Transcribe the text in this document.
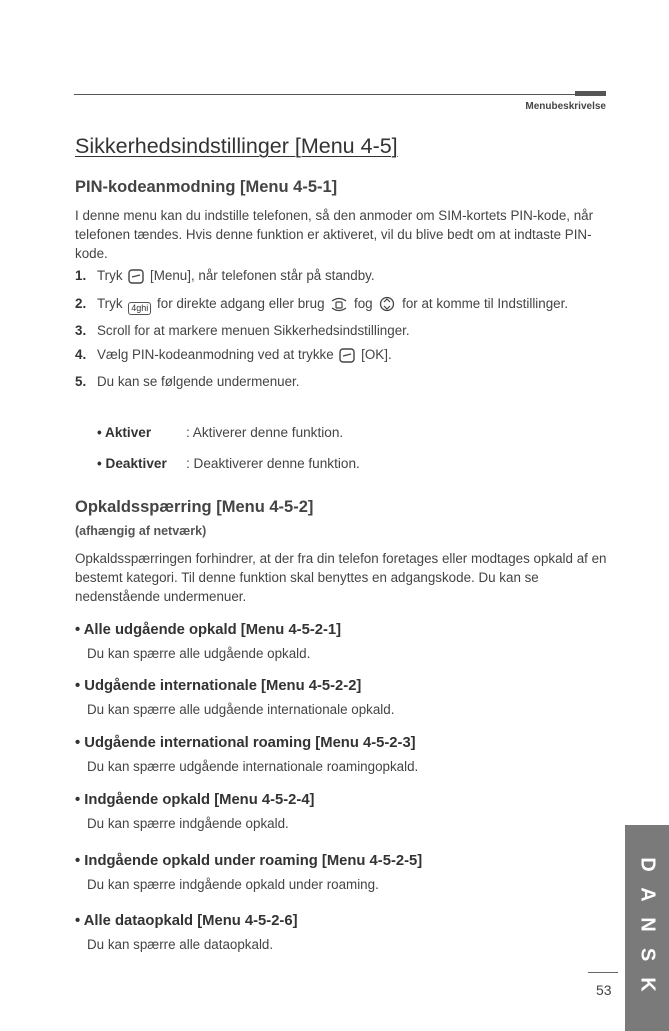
Menubeskrivelse
Sikkerhedsindstillinger [Menu 4-5]
PIN-kodeanmodning [Menu 4-5-1]
I denne menu kan du indstille telefonen, så den anmoder om SIM-kortets PIN-kode, når telefonen tændes. Hvis denne funktion er aktiveret, vil du blive bedt om at indtaste PIN-kode.
1. Tryk [Menu], når telefonen står på standby.
2. Tryk 4ghi for direkte adgang eller brug fog for at komme til Indstillinger.
3. Scroll for at markere menuen Sikkerhedsindstillinger.
4. Vælg PIN-kodeanmodning ved at trykke [OK].
5. Du kan se følgende undermenuer.
• Aktiver	: Aktiverer denne funktion.
• Deaktiver : Deaktiverer denne funktion.
Opkaldsspærring [Menu 4-5-2]
(afhængig af netværk)
Opkaldsspærringen forhindrer, at der fra din telefon foretages eller modtages opkald af en bestemt kategori. Til denne funktion skal benyttes en adgangskode. Du kan se nedenstående undermenuer.
• Alle udgående opkald [Menu 4-5-2-1]
Du kan spærre alle udgående opkald.
• Udgående internationale [Menu 4-5-2-2]
Du kan spærre alle udgående internationale opkald.
• Udgående international roaming [Menu 4-5-2-3]
Du kan spærre udgående internationale roamingopkald.
• Indgående opkald [Menu 4-5-2-4]
Du kan spærre indgående opkald.
• Indgående opkald under roaming [Menu 4-5-2-5]
Du kan spærre indgående opkald under roaming.
• Alle dataopkald [Menu 4-5-2-6]
Du kan spærre alle dataopkald.
D
A
N
S
K
53
